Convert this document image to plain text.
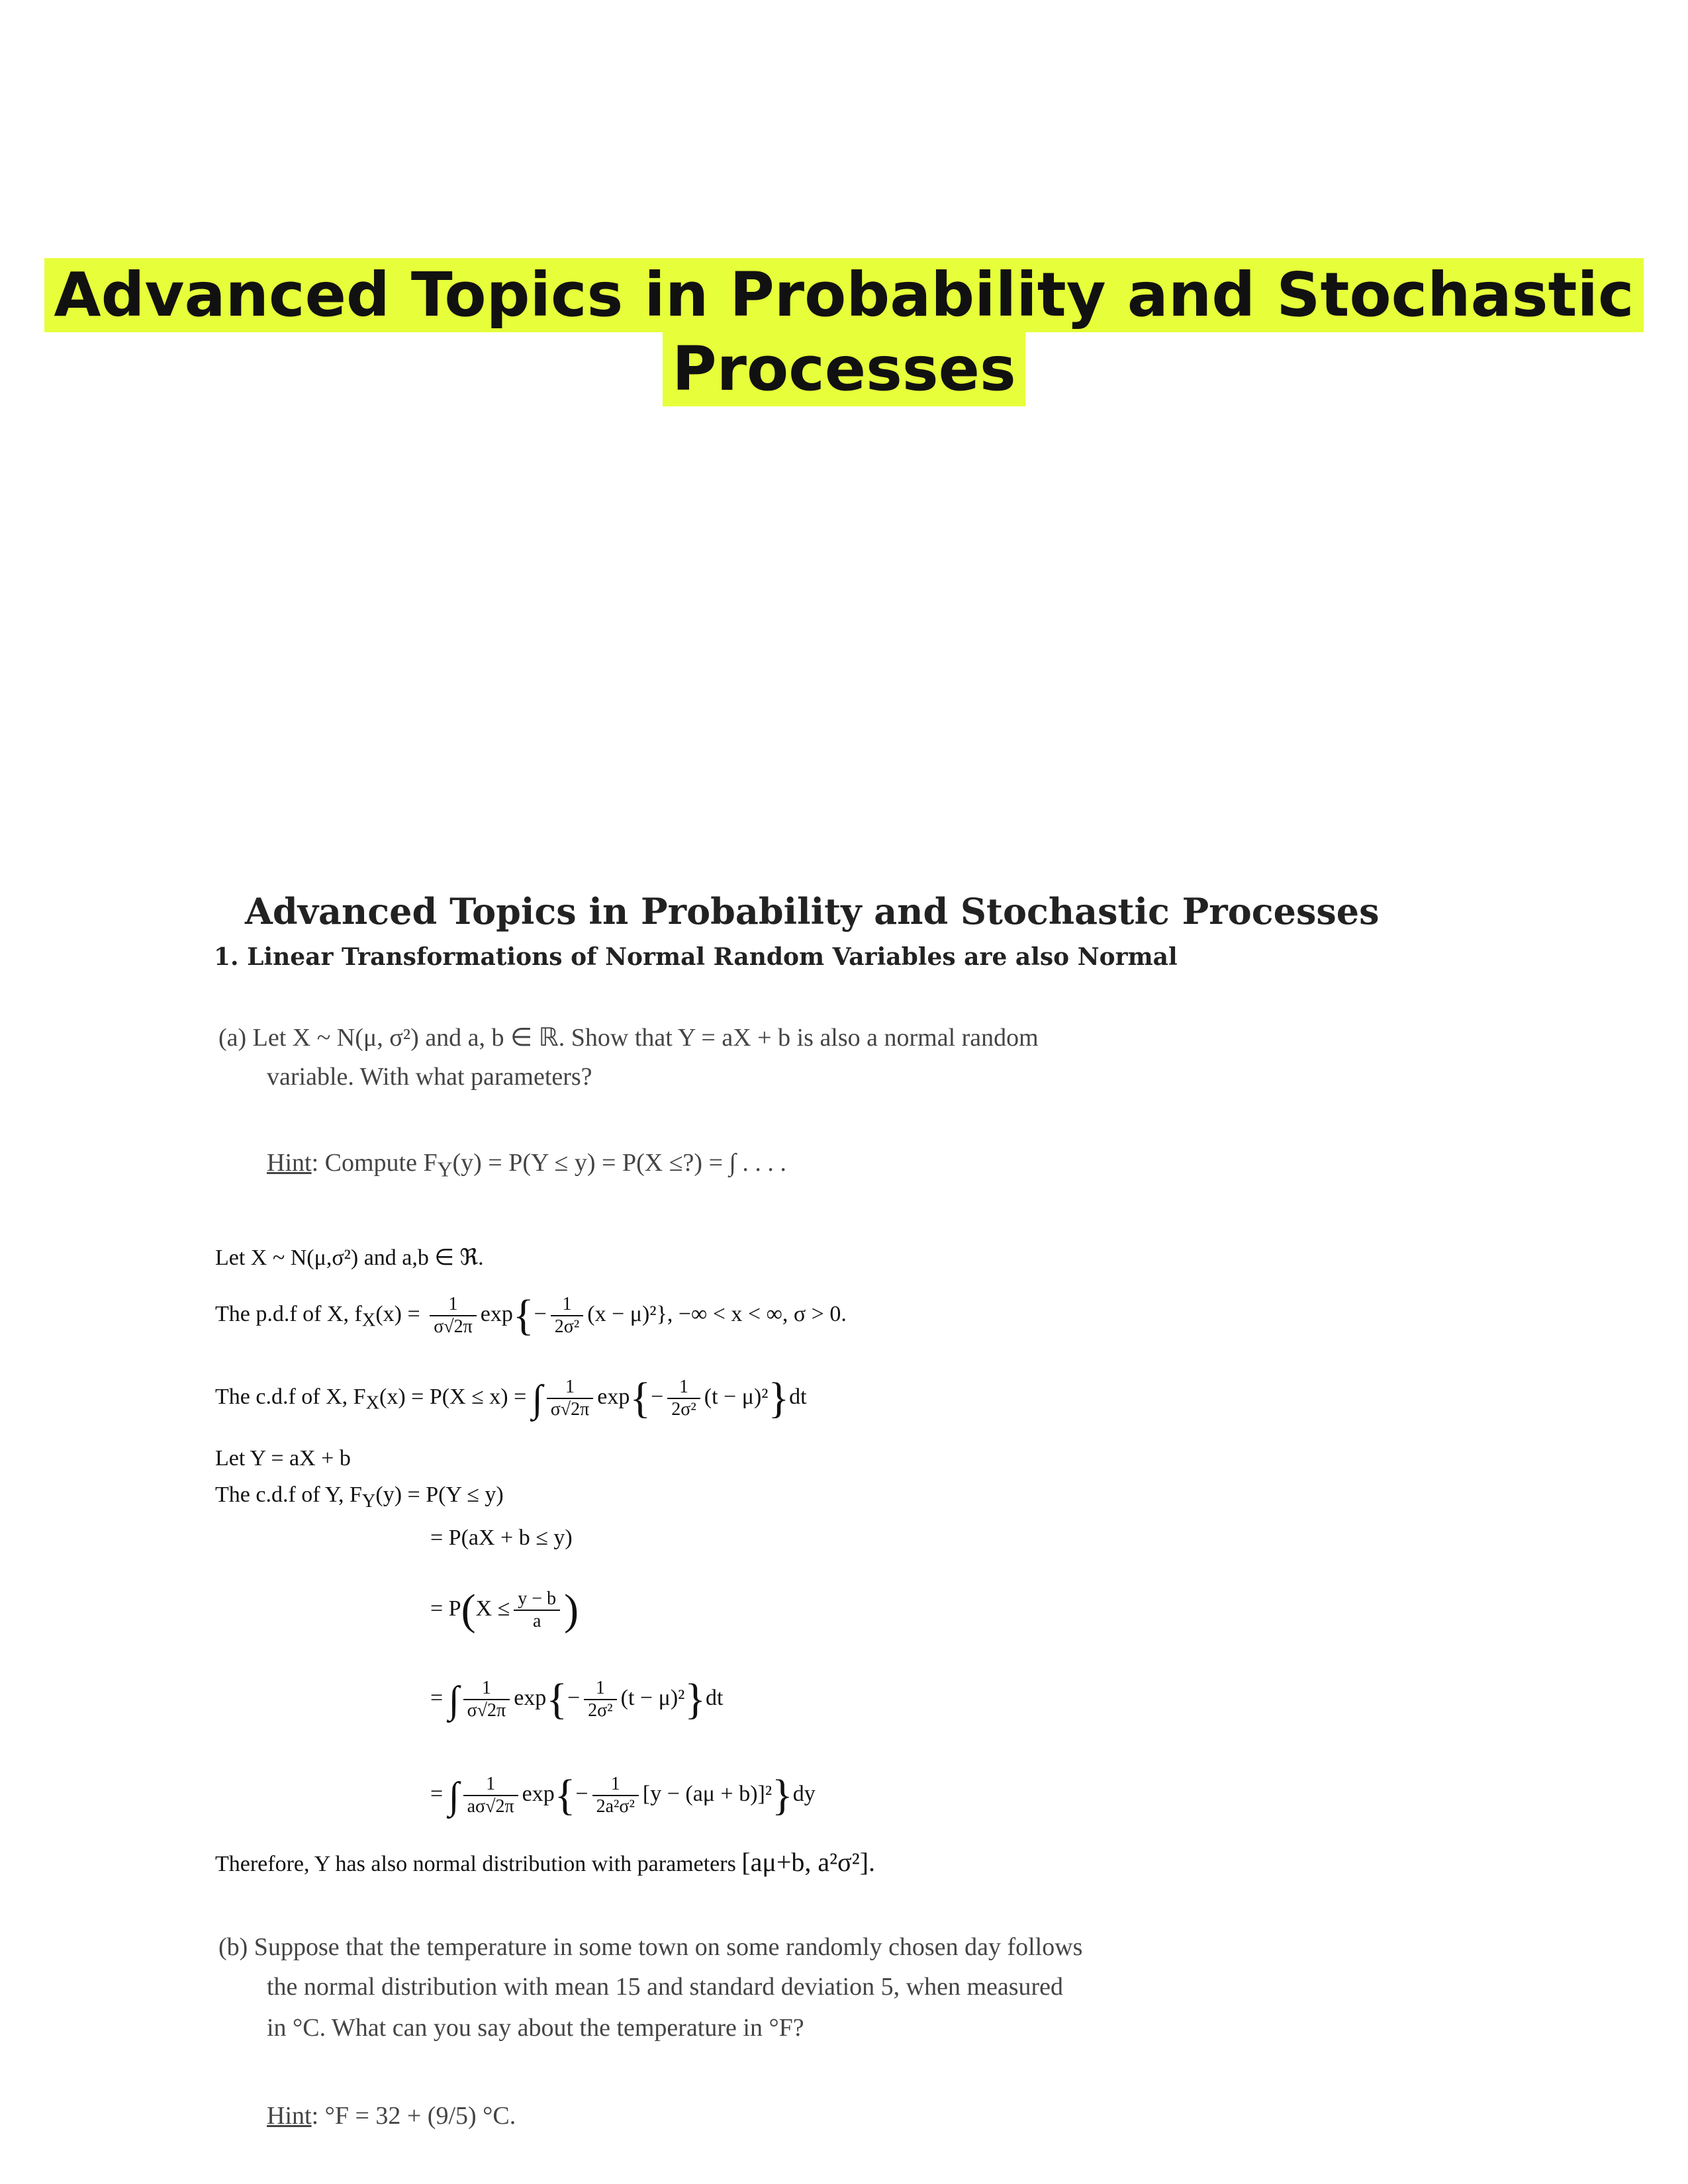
Advanced Topics in Probability and Stochastic
Processes
Advanced Topics in Probability and Stochastic Processes
1. Linear Transformations of Normal Random Variables are also Normal
(a) Let X ~ N(μ, σ²) and a, b ∈ ℝ. Show that Y = aX + b is also a normal random
variable. With what parameters?
Hint: Compute $F_Y(y) = P(Y \le y) = P(X$ ≤?) = ∫ . . . .
Let X ~ N(μ,σ²) and a,b ∈ ℜ.
The p.d.f of X, $f_X(x) = \frac{1}{\sigma√2\pi} \exp\{- \frac{1}{\text{2σ²}} (x - \mu)^2\}$, −∞ < x < ∞, σ > 0.
The c.d.f of X, $F_X(x) = P(X \le x)$ = ∫ $\frac{1}{\sigma√2\pi} \exp\{- \frac{1}{\text{2σ²}} (t - \mu)^2\}dt$
Let Y = aX + b
The c.d.f of Y, $F_Y(y) = P(Y \le y)$
= P(aX + b ≤ y)
= $P(X \le \frac{y - b}{a}$ )
= ∫ $\frac{1}{\sigma√2\pi} \exp\{- \frac{1}{\text{2σ²}} (t - \mu)^2\}dt$
= ∫ $\frac{1}{a\sigma√2\pi} \exp\{- \frac{1}{\text{2a²σ²}} [y - (a\mu + b)]^2\}dy$
Therefore, Y has also normal distribution with parameters [aμ+b, a²σ²].
(b) Suppose that the temperature in some town on some randomly chosen day follows
the normal distribution with mean 15 and standard deviation 5, when measured
in °C. What can you say about the temperature in °F?
Hint: °F = 32 + (9/5) °C.
